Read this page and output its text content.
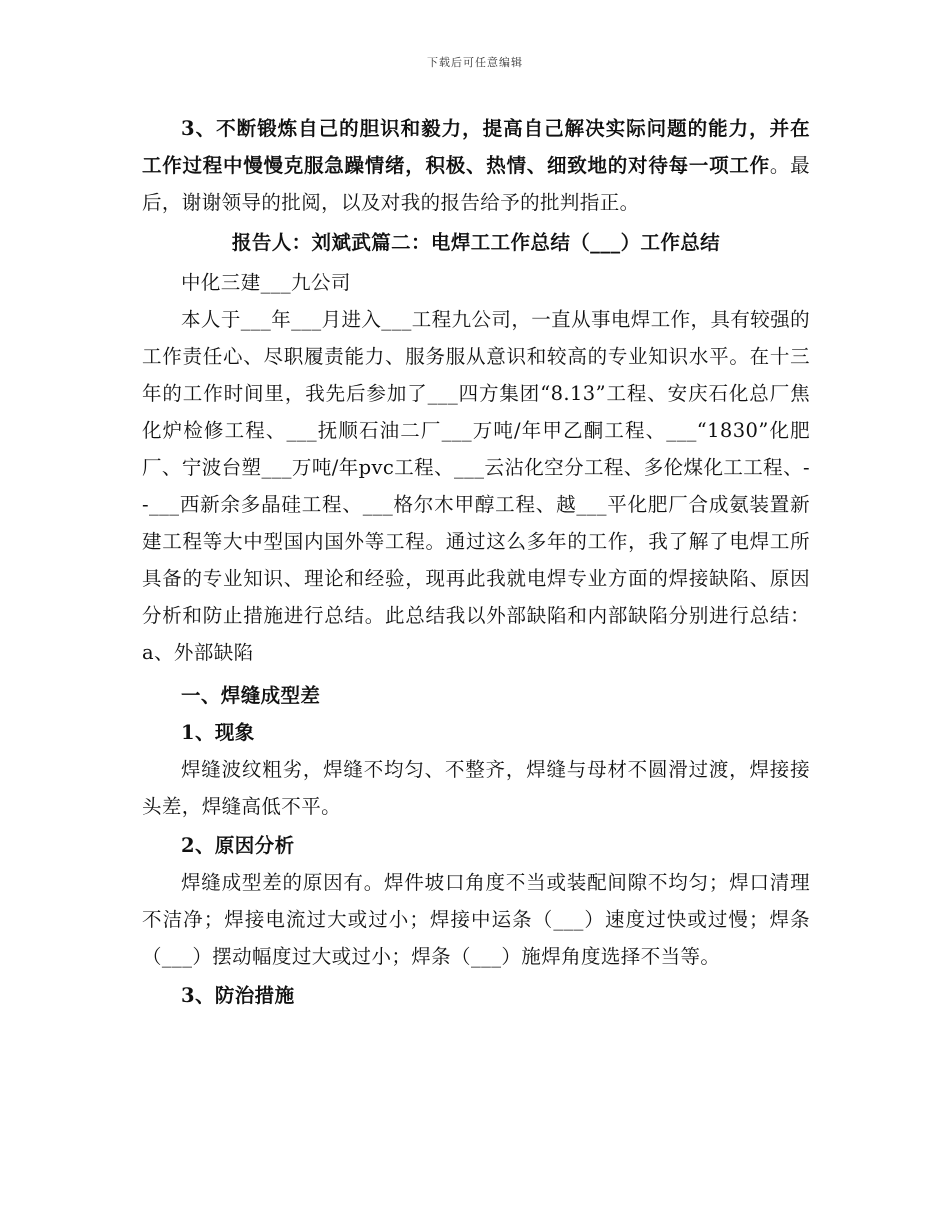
下载后可任意编辑

3、不断锻炼自己的胆识和毅力，提高自己解决实际问题的能力，并在工作过程中慢慢克服急躁情绪，积极、热情、细致地的对待每一项工作。最后，谢谢领导的批阅，以及对我的报告给予的批判指正。

报告人：刘斌武篇二：电焊工工作总结（___）工作总结

中化三建___九公司

本人于___年___月进入___工程九公司，一直从事电焊工作，具有较强的工作责任心、尽职履责能力、服务服从意识和较高的专业知识水平。在十三年的工作时间里，我先后参加了___四方集团“8.13”工程、安庆石化总厂焦化炉检修工程、___抚顺石油二厂___万吨/年甲乙酮工程、___“1830”化肥厂、宁波台塑___万吨/年pvc工程、___云沾化空分工程、多伦煤化工工程、--___西新余多晶硅工程、___格尔木甲醇工程、越___平化肥厂合成氨装置新建工程等大中型国内国外等工程。通过这么多年的工作，我了解了电焊工所具备的专业知识、理论和经验，现再此我就电焊专业方面的焊接缺陷、原因分析和防止措施进行总结。此总结我以外部缺陷和内部缺陷分别进行总结：a、外部缺陷

一、焊缝成型差

1、现象

焊缝波纹粗劣，焊缝不均匀、不整齐，焊缝与母材不圆滑过渡，焊接接头差，焊缝高低不平。

2、原因分析

焊缝成型差的原因有。焊件坡口角度不当或装配间隙不均匀；焊口清理不洁净；焊接电流过大或过小；焊接中运条（___）速度过快或过慢；焊条（___）摆动幅度过大或过小；焊条（___）施焊角度选择不当等。

3、防治措施
